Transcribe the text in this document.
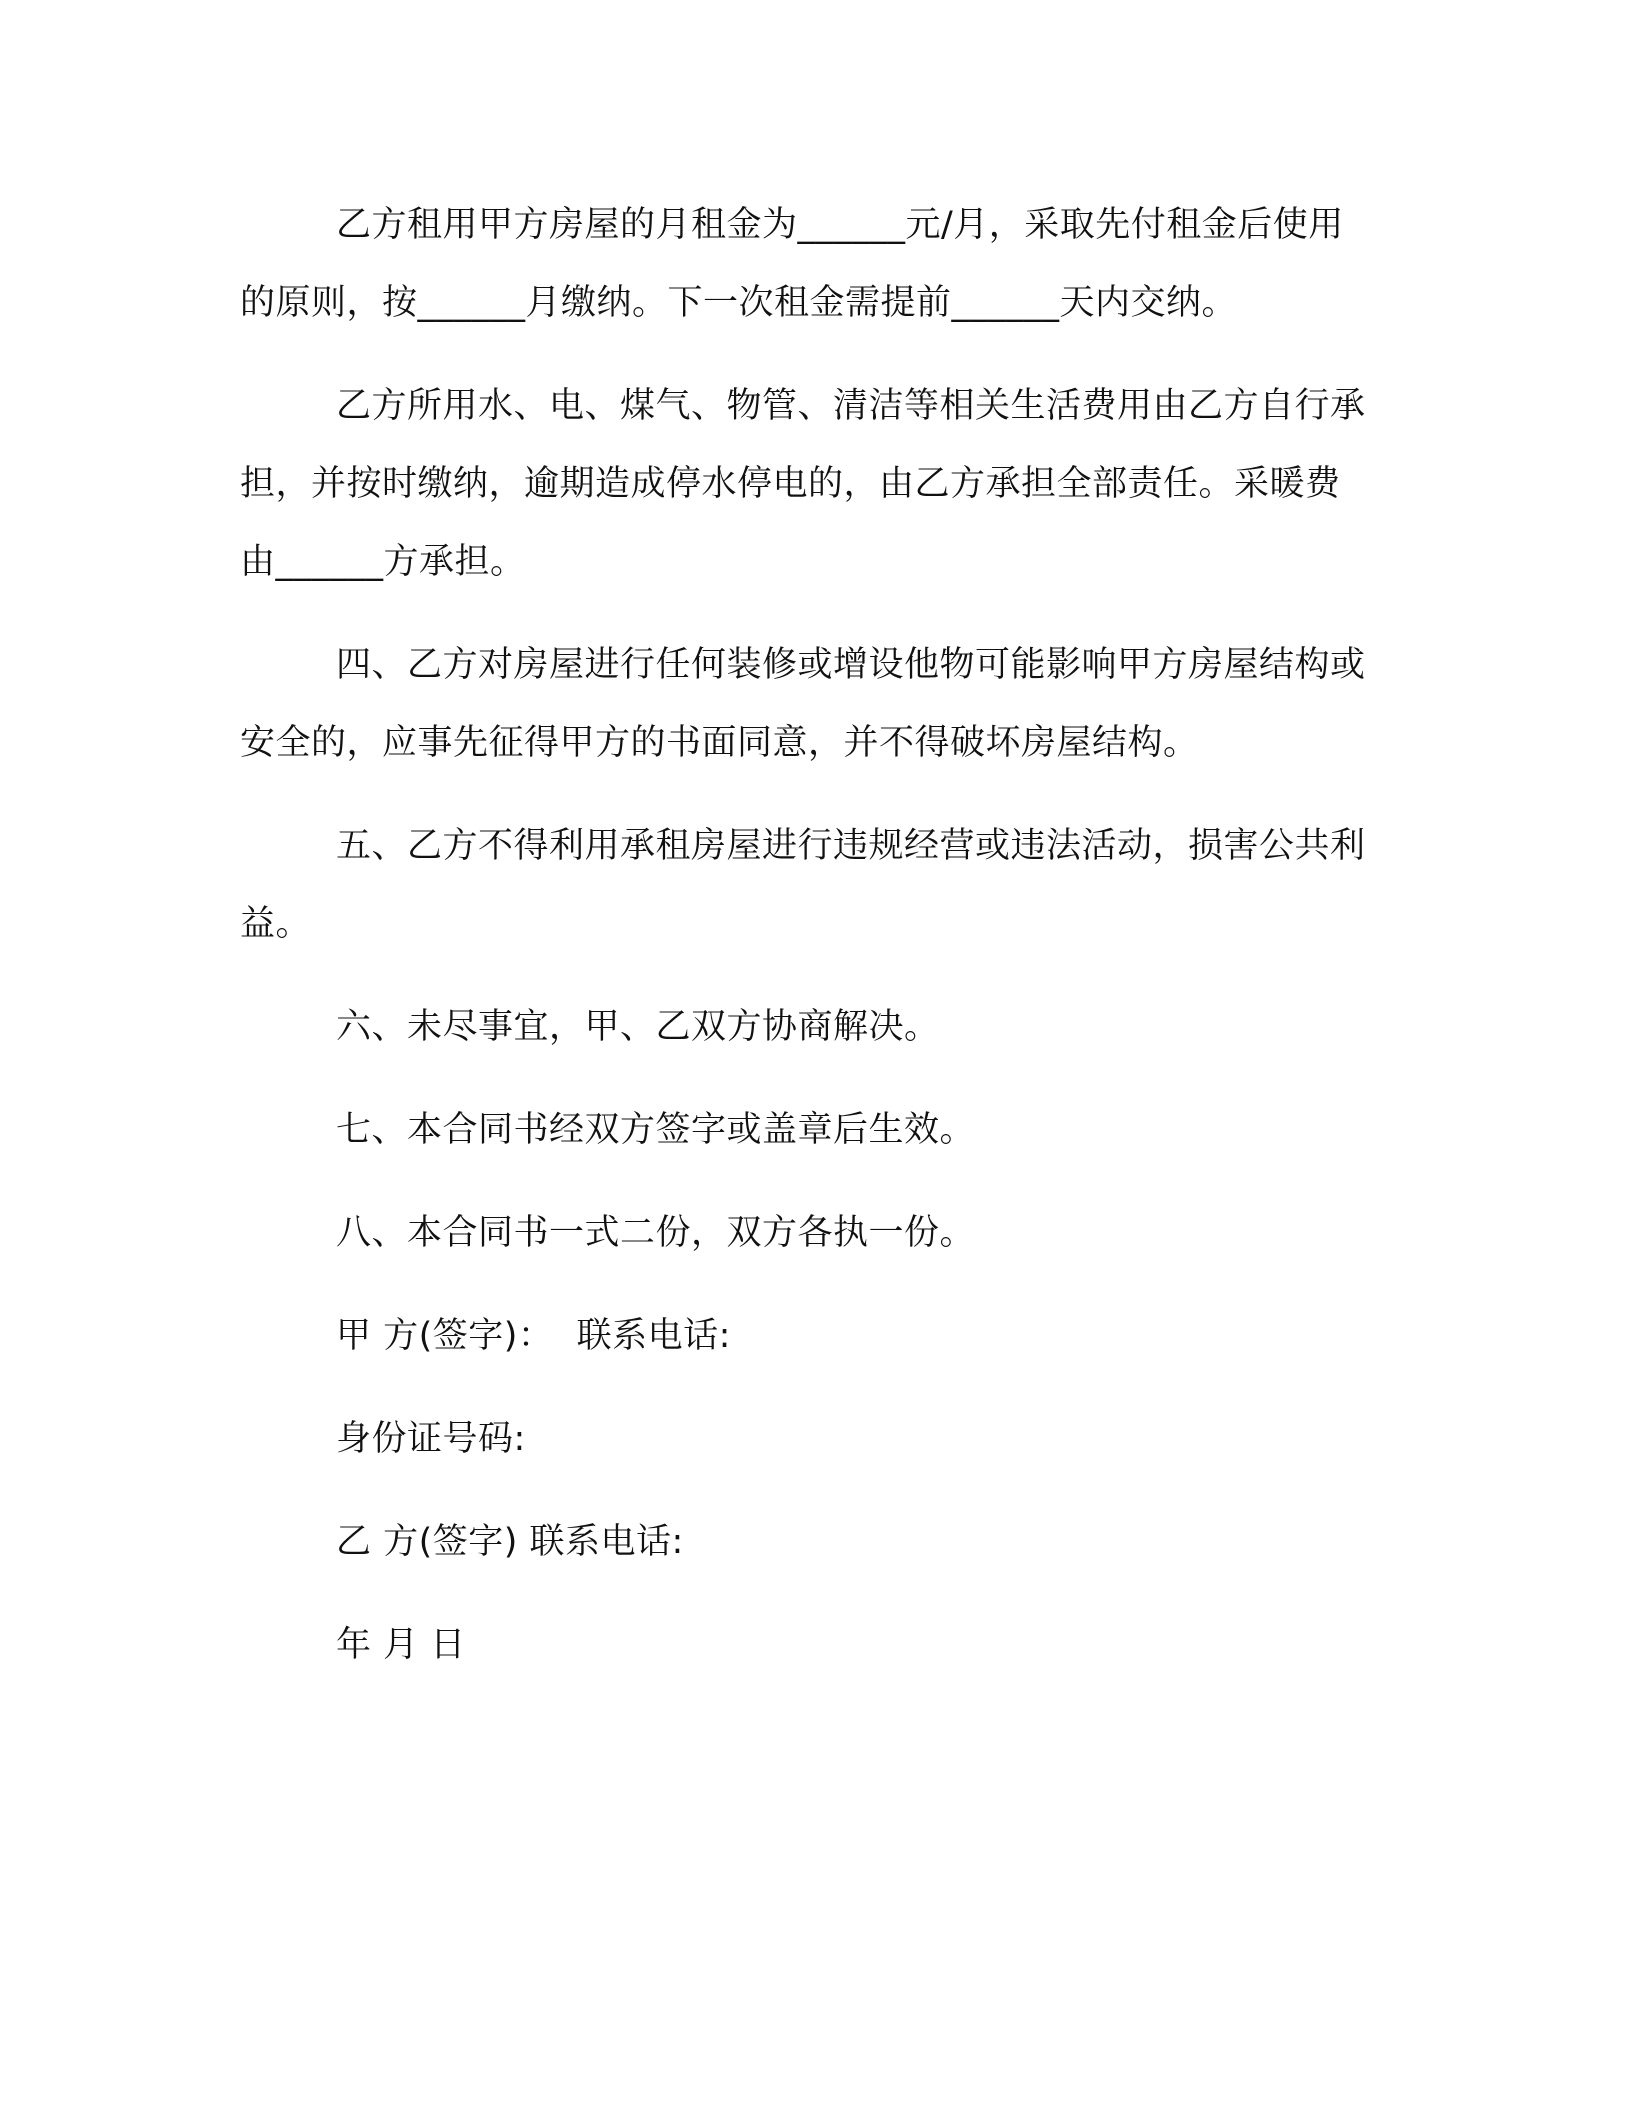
乙方租用甲方房屋的月租金为______元/月，采取先付租金后使用的原则，按______月缴纳。下一次租金需提前______天内交纳。

乙方所用水、电、煤气、物管、清洁等相关生活费用由乙方自行承担，并按时缴纳，逾期造成停水停电的，由乙方承担全部责任。采暖费由______方承担。

四、乙方对房屋进行任何装修或增设他物可能影响甲方房屋结构或安全的，应事先征得甲方的书面同意，并不得破坏房屋结构。

五、乙方不得利用承租房屋进行违规经营或违法活动，损害公共利益。

六、未尽事宜，甲、乙双方协商解决。

七、本合同书经双方签字或盖章后生效。

八、本合同书一式二份，双方各执一份。

甲 方(签字)：  联系电话:

身份证号码:

乙 方(签字) 联系电话:

年 月 日
